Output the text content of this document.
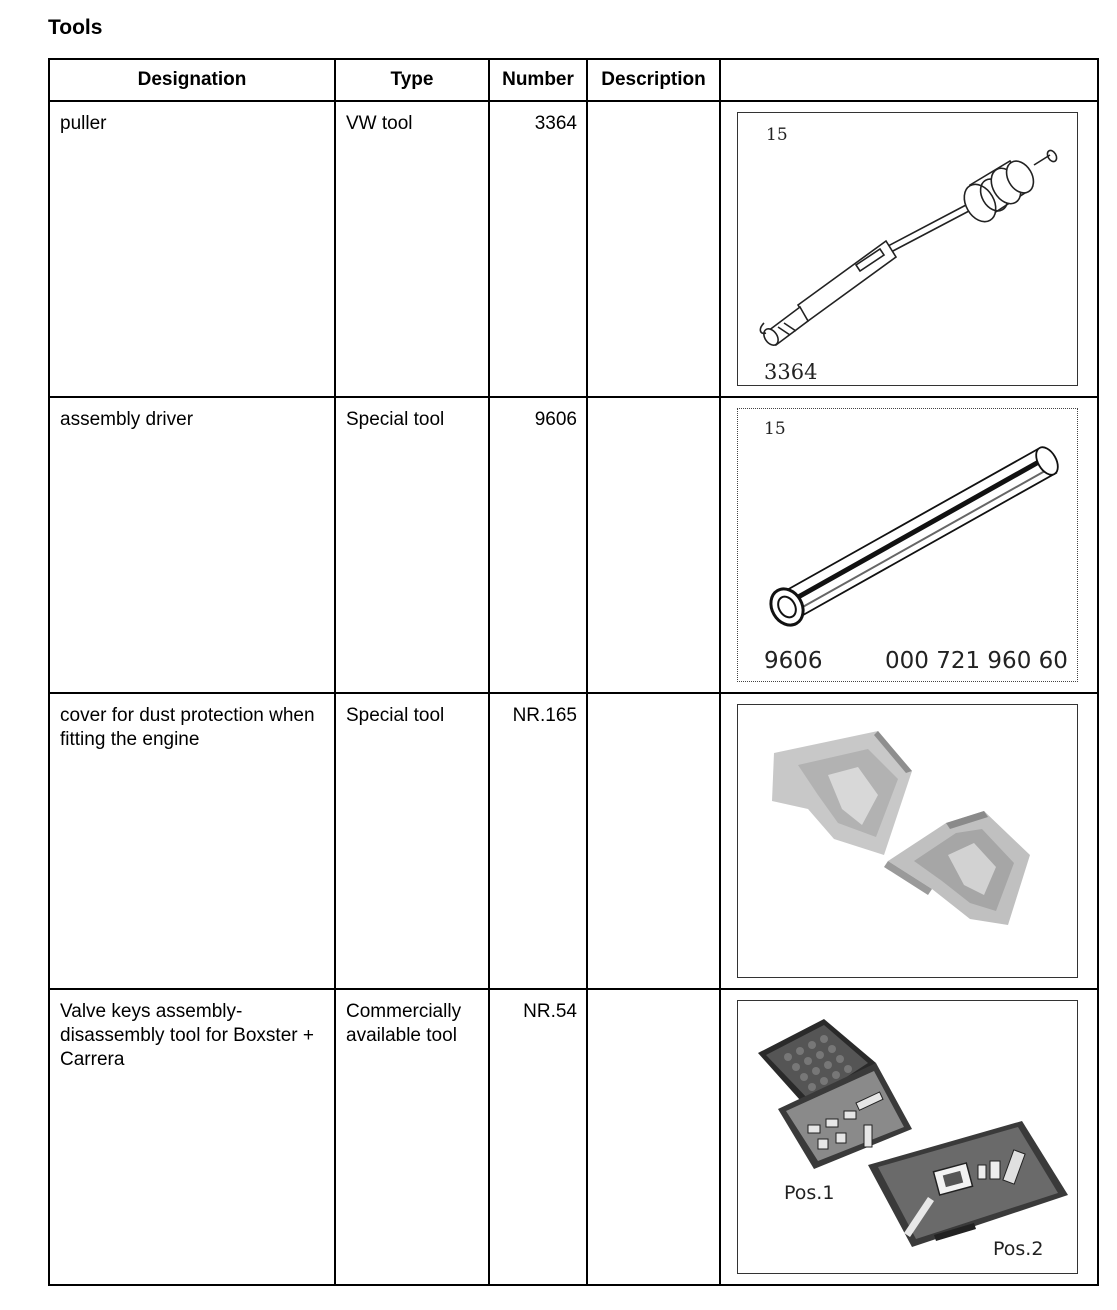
Tools
Designation	Type	Number	Description	

puller	VW tool	3364		15
3364

assembly driver	Special tool	9606		15
9606 000 721 960 60

cover for dust protection when fitting the engine	Special tool	NR.165

Valve keys assembly-disassembly tool for Boxster + Carrera	Commercially available tool	NR.54		Pos.1
Pos.2
